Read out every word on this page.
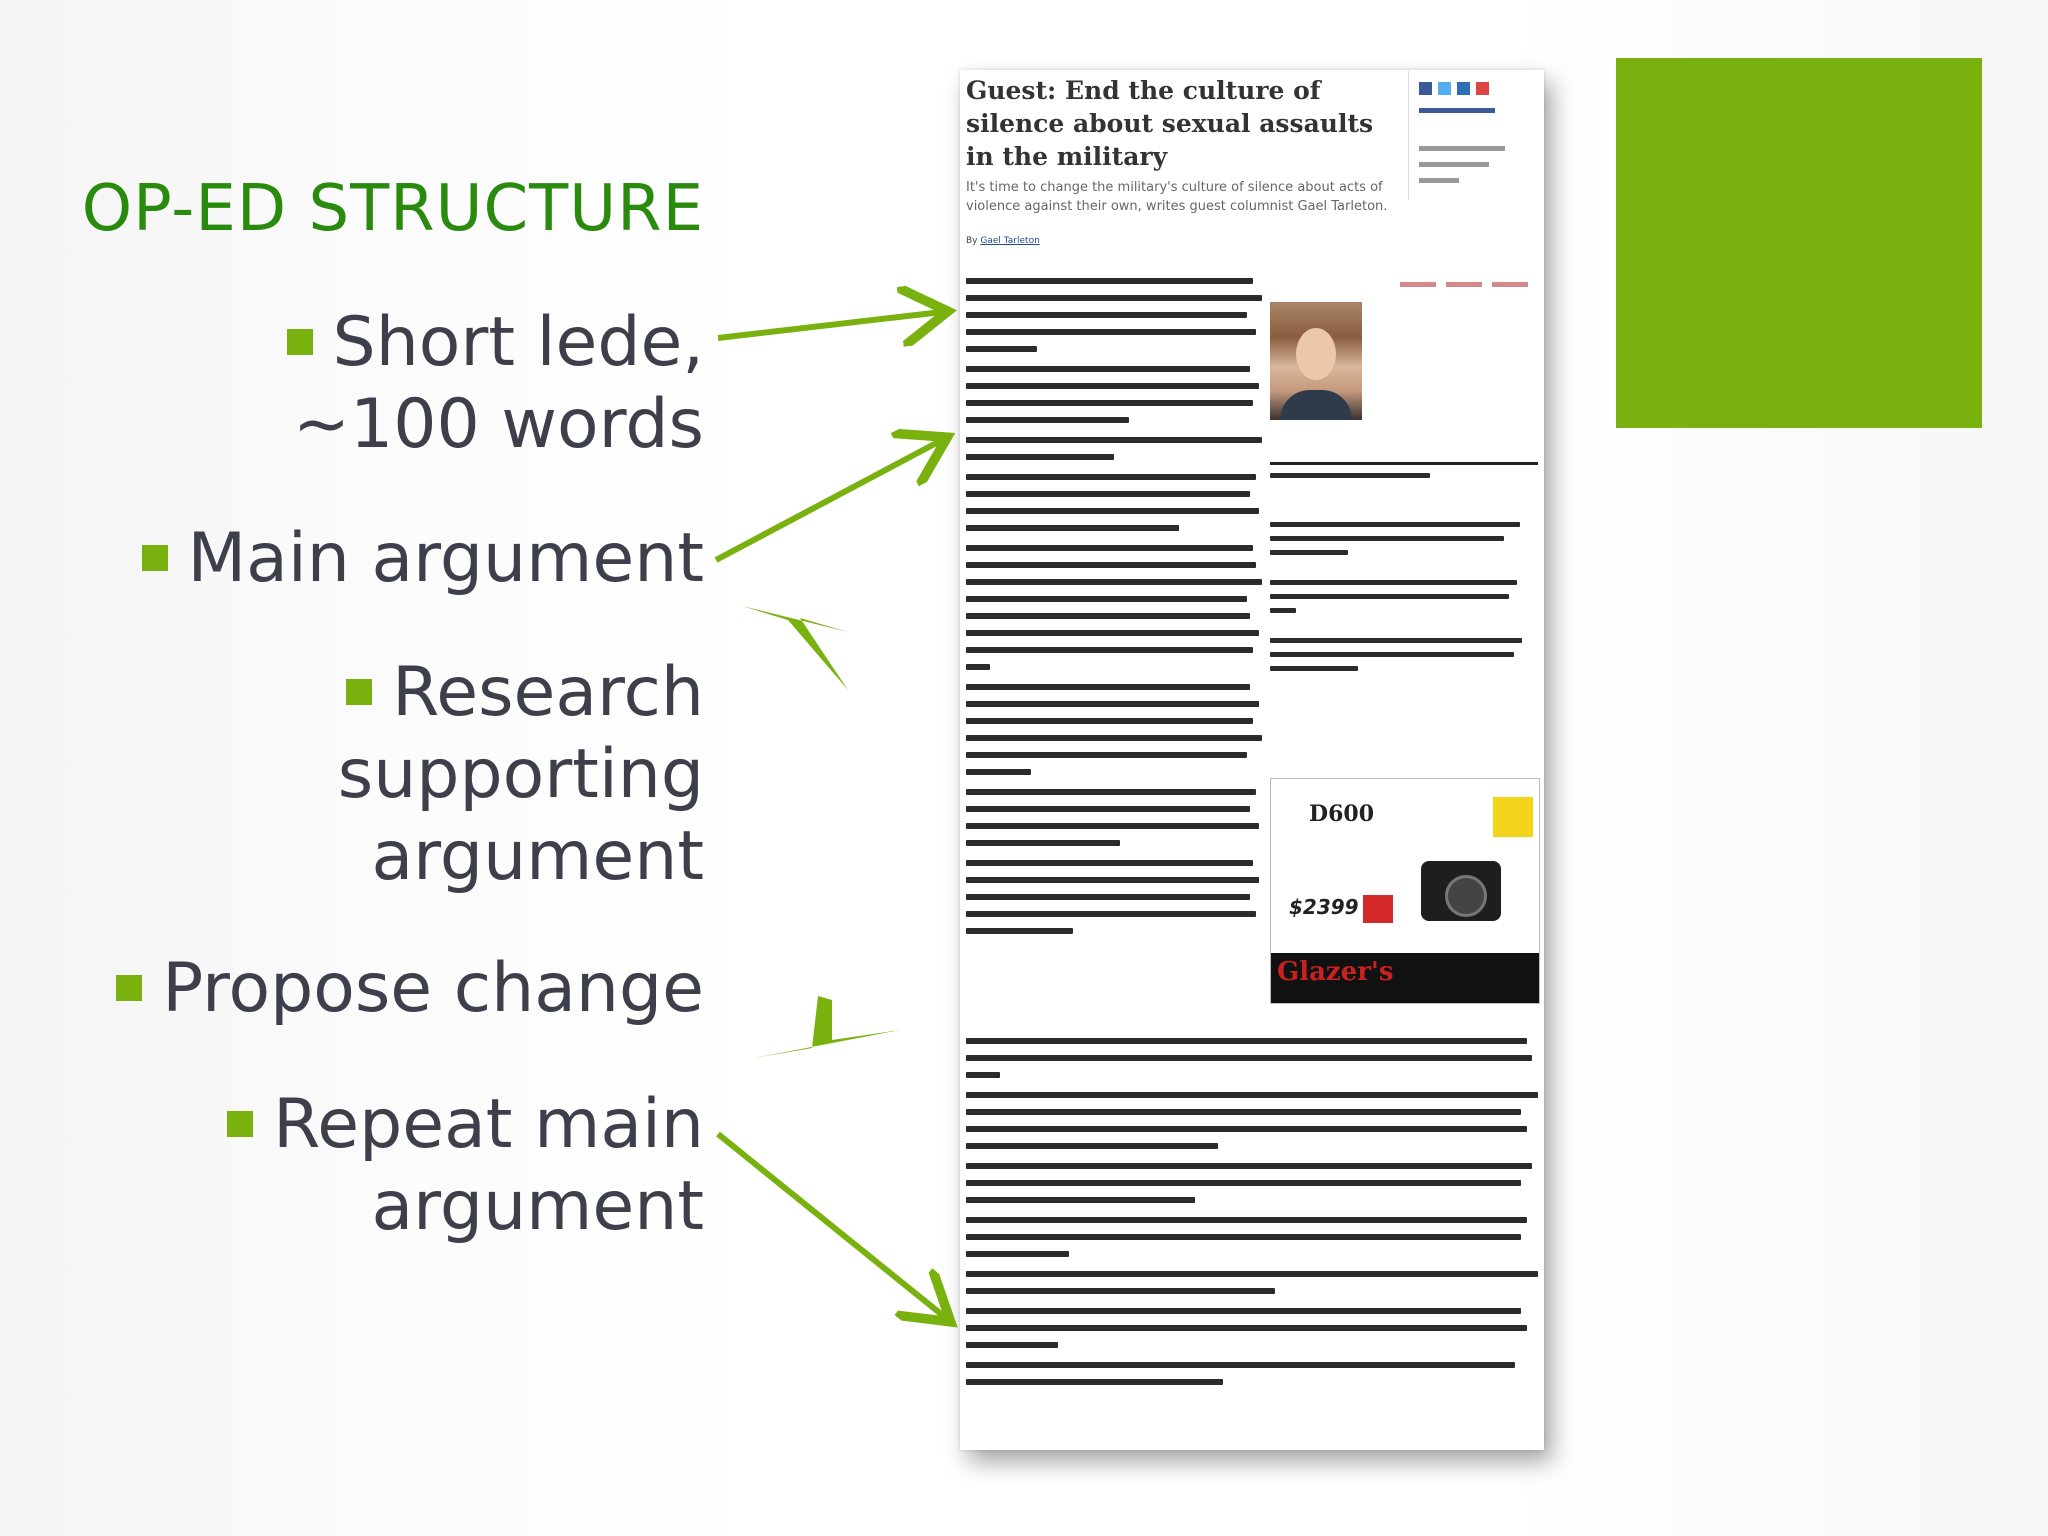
OP-ED STRUCTURE
Short lede, ~100 words
Main argument
Research supporting argument
Propose change
Repeat main argument
Guest: End the culture of silence about sexual assaults in the military
It's time to change the military's culture of silence about acts of violence against their own, writes guest columnist Gael Tarleton.
By Gael Tarleton
D600
$2399
Glazer's
